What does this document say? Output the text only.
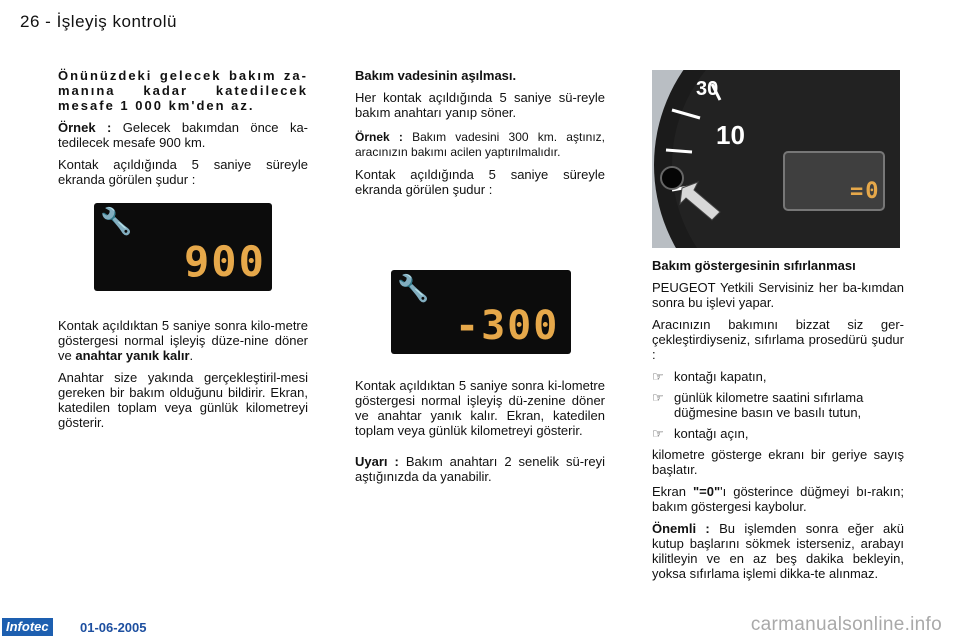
26 - İşleyiş kontrolü

Önünüzdeki gelecek bakım za-manına kadar katedilecek mesafe 1 000 km'den az.

Örnek : Gelecek bakımdan önce ka-tedilecek mesafe 900 km.

Kontak açıldığında 5 saniye süreyle ekranda görülen şudur :

🔧
900

Kontak açıldıktan 5 saniye sonra kilo-metre göstergesi normal işleyiş düze-nine döner ve anahtar yanık kalır.

Anahtar size yakında gerçekleştiril-mesi gereken bir bakım olduğunu bildirir. Ekran, katedilen toplam veya günlük kilometreyi gösterir.

Bakım vadesinin aşılması.

Her kontak açıldığında 5 saniye sü-reyle bakım anahtarı yanıp söner.

Örnek : Bakım vadesini 300 km. aştınız, aracınızın bakımı acilen yaptırılmalıdır.

Kontak açıldığında 5 saniye süreyle ekranda görülen şudur :

🔧
-300

Kontak açıldıktan 5 saniye sonra ki-lometre göstergesi normal işleyiş dü-zenine döner ve anahtar yanık kalır. Ekran, katedilen toplam veya günlük kilometreyi gösterir.

Uyarı : Bakım anahtarı 2 senelik sü-reyi aştığınızda da yanabilir.

30
10
=0

Bakım göstergesinin sıfırlanması

PEUGEOT Yetkili Servisiniz her ba-kımdan sonra bu işlevi yapar.

Aracınızın bakımını bizzat siz ger-çekleştirdiyseniz, sıfırlama prosedürü şudur :

☞ kontağı kapatın,
☞ günlük kilometre saatini sıfırlama düğmesine basın ve basılı tutun,
☞ kontağı açın,

kilometre gösterge ekranı bir geriye sayış başlatır.

Ekran "=0"'ı gösterince düğmeyi bı-rakın; bakım göstergesi kaybolur.

Önemli : Bu işlemden sonra eğer akü kutup başlarını sökmek isterseniz, arabayı kilitleyin ve en az beş dakika bekleyin, yoksa sıfırlama işlemi dikka-te alınmaz.

Infotec	01-06-2005	carmanualsonline.info
